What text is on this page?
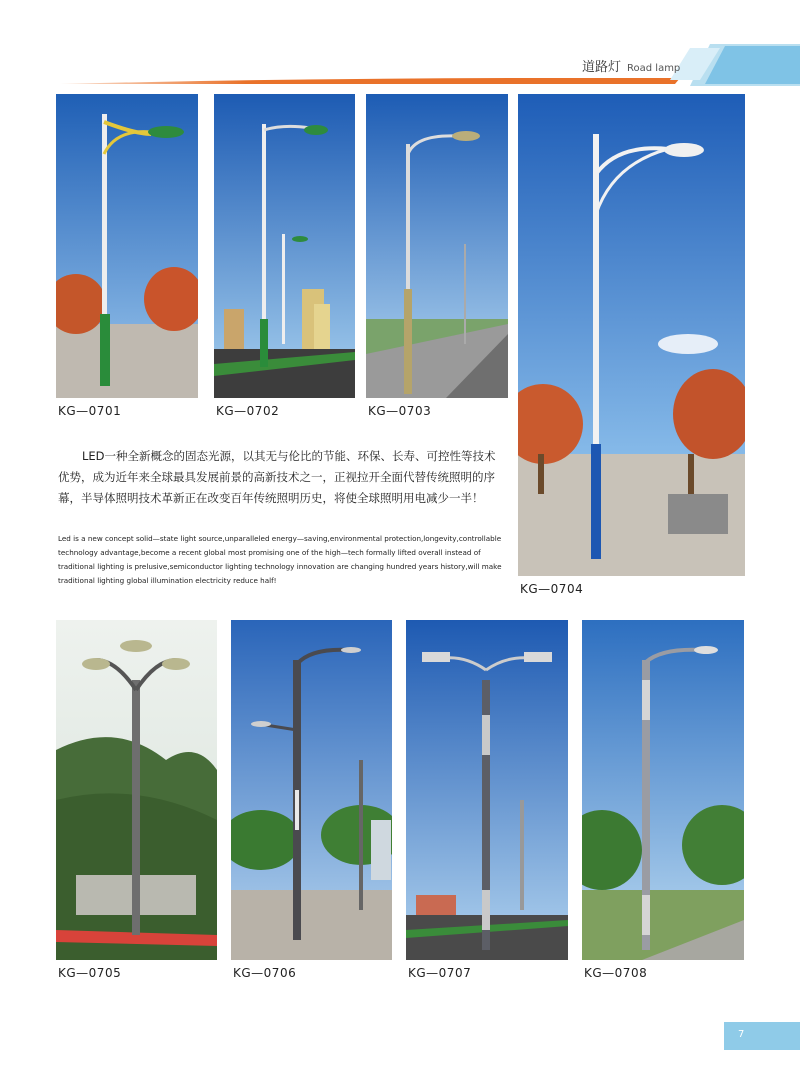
道路灯 Road lamp
KG—0701	KG—0702	KG—0703
KG—0704
LED一种全新概念的固态光源，以其无与伦比的节能、环保、长寿、可控性等技术优势，成为近年来全球最具发展前景的高新技术之一，正视拉开全面代替传统照明的序幕，半导体照明技术革新正在改变百年传统照明历史，将使全球照明用电减少一半！
Led is a new concept solid—state light source,unparalleled energy—saving,environmental protection,longevity,controllable technology advantage,become a recent global most promising one of the high—tech formally lifted overall instead of traditional lighting is prelusive,semiconductor lighting technology innovation are changing hundred years history,will make traditional lighting global illumination electricity reduce half!
KG—0705	KG—0706	KG—0707	KG—0708
7
